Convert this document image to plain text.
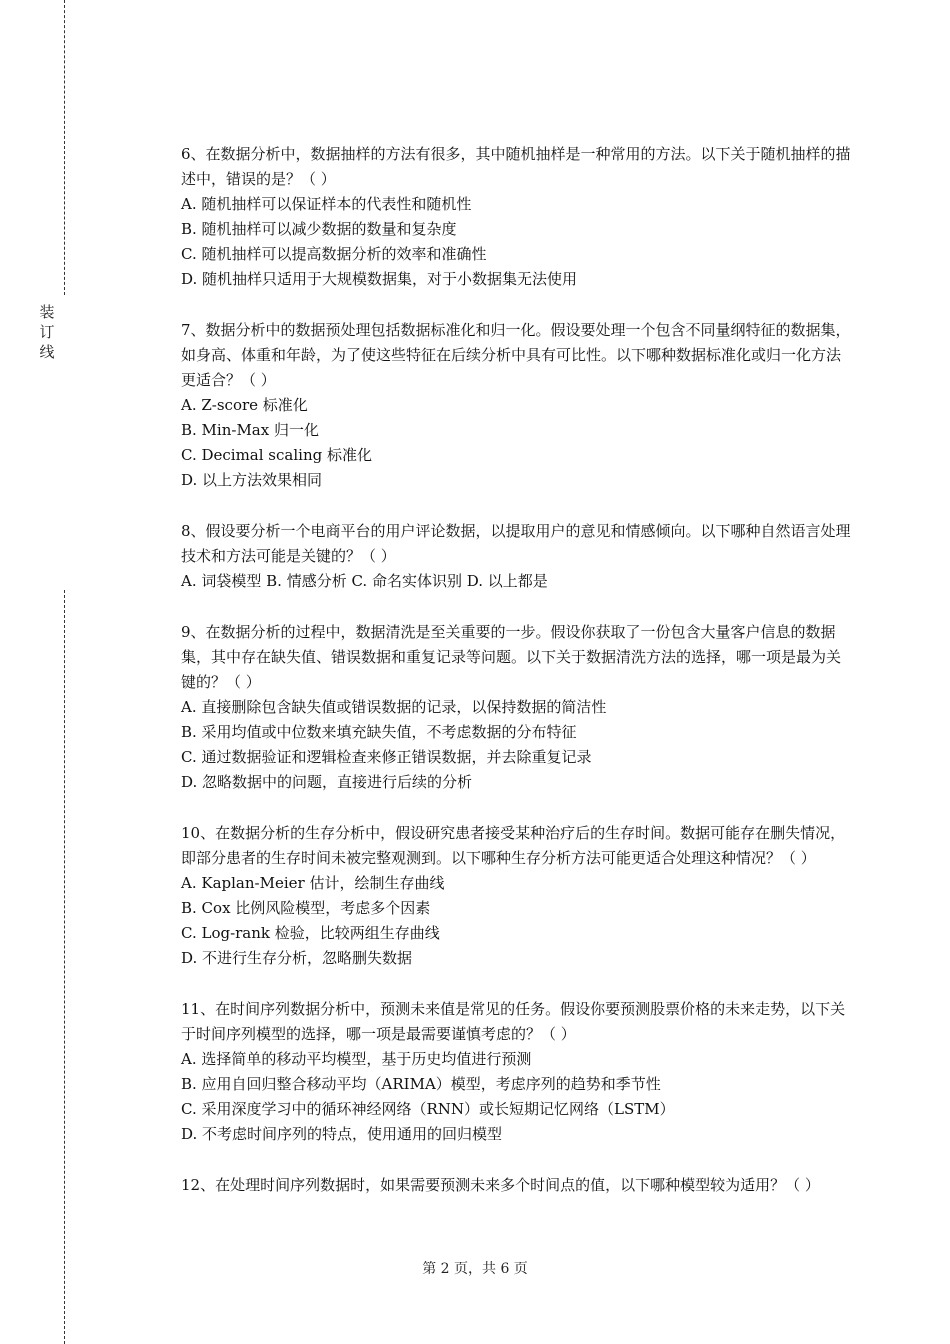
装
订
线

6、在数据分析中，数据抽样的方法有很多，其中随机抽样是一种常用的方法。以下关于随机抽样的描述中，错误的是？（ ）

A. 随机抽样可以保证样本的代表性和随机性

B. 随机抽样可以减少数据的数量和复杂度

C. 随机抽样可以提高数据分析的效率和准确性

D. 随机抽样只适用于大规模数据集，对于小数据集无法使用

7、数据分析中的数据预处理包括数据标准化和归一化。假设要处理一个包含不同量纲特征的数据集，如身高、体重和年龄，为了使这些特征在后续分析中具有可比性。以下哪种数据标准化或归一化方法更适合？（ ）

A. Z-score 标准化

B. Min-Max 归一化

C. Decimal scaling 标准化

D. 以上方法效果相同

8、假设要分析一个电商平台的用户评论数据，以提取用户的意见和情感倾向。以下哪种自然语言处理技术和方法可能是关键的？（ ）

A. 词袋模型 B. 情感分析 C. 命名实体识别 D. 以上都是

9、在数据分析的过程中，数据清洗是至关重要的一步。假设你获取了一份包含大量客户信息的数据集，其中存在缺失值、错误数据和重复记录等问题。以下关于数据清洗方法的选择，哪一项是最为关键的？（ ）

A. 直接删除包含缺失值或错误数据的记录，以保持数据的简洁性

B. 采用均值或中位数来填充缺失值，不考虑数据的分布特征

C. 通过数据验证和逻辑检查来修正错误数据，并去除重复记录

D. 忽略数据中的问题，直接进行后续的分析

10、在数据分析的生存分析中，假设研究患者接受某种治疗后的生存时间。数据可能存在删失情况，即部分患者的生存时间未被完整观测到。以下哪种生存分析方法可能更适合处理这种情况？（ ）

A. Kaplan-Meier 估计，绘制生存曲线

B. Cox 比例风险模型，考虑多个因素

C. Log-rank 检验，比较两组生存曲线

D. 不进行生存分析，忽略删失数据

11、在时间序列数据分析中，预测未来值是常见的任务。假设你要预测股票价格的未来走势，以下关于时间序列模型的选择，哪一项是最需要谨慎考虑的？（ ）

A. 选择简单的移动平均模型，基于历史均值进行预测

B. 应用自回归整合移动平均（ARIMA）模型，考虑序列的趋势和季节性

C. 采用深度学习中的循环神经网络（RNN）或长短期记忆网络（LSTM）

D. 不考虑时间序列的特点，使用通用的回归模型

12、在处理时间序列数据时，如果需要预测未来多个时间点的值，以下哪种模型较为适用？（ ）

第 2 页，共 6 页
